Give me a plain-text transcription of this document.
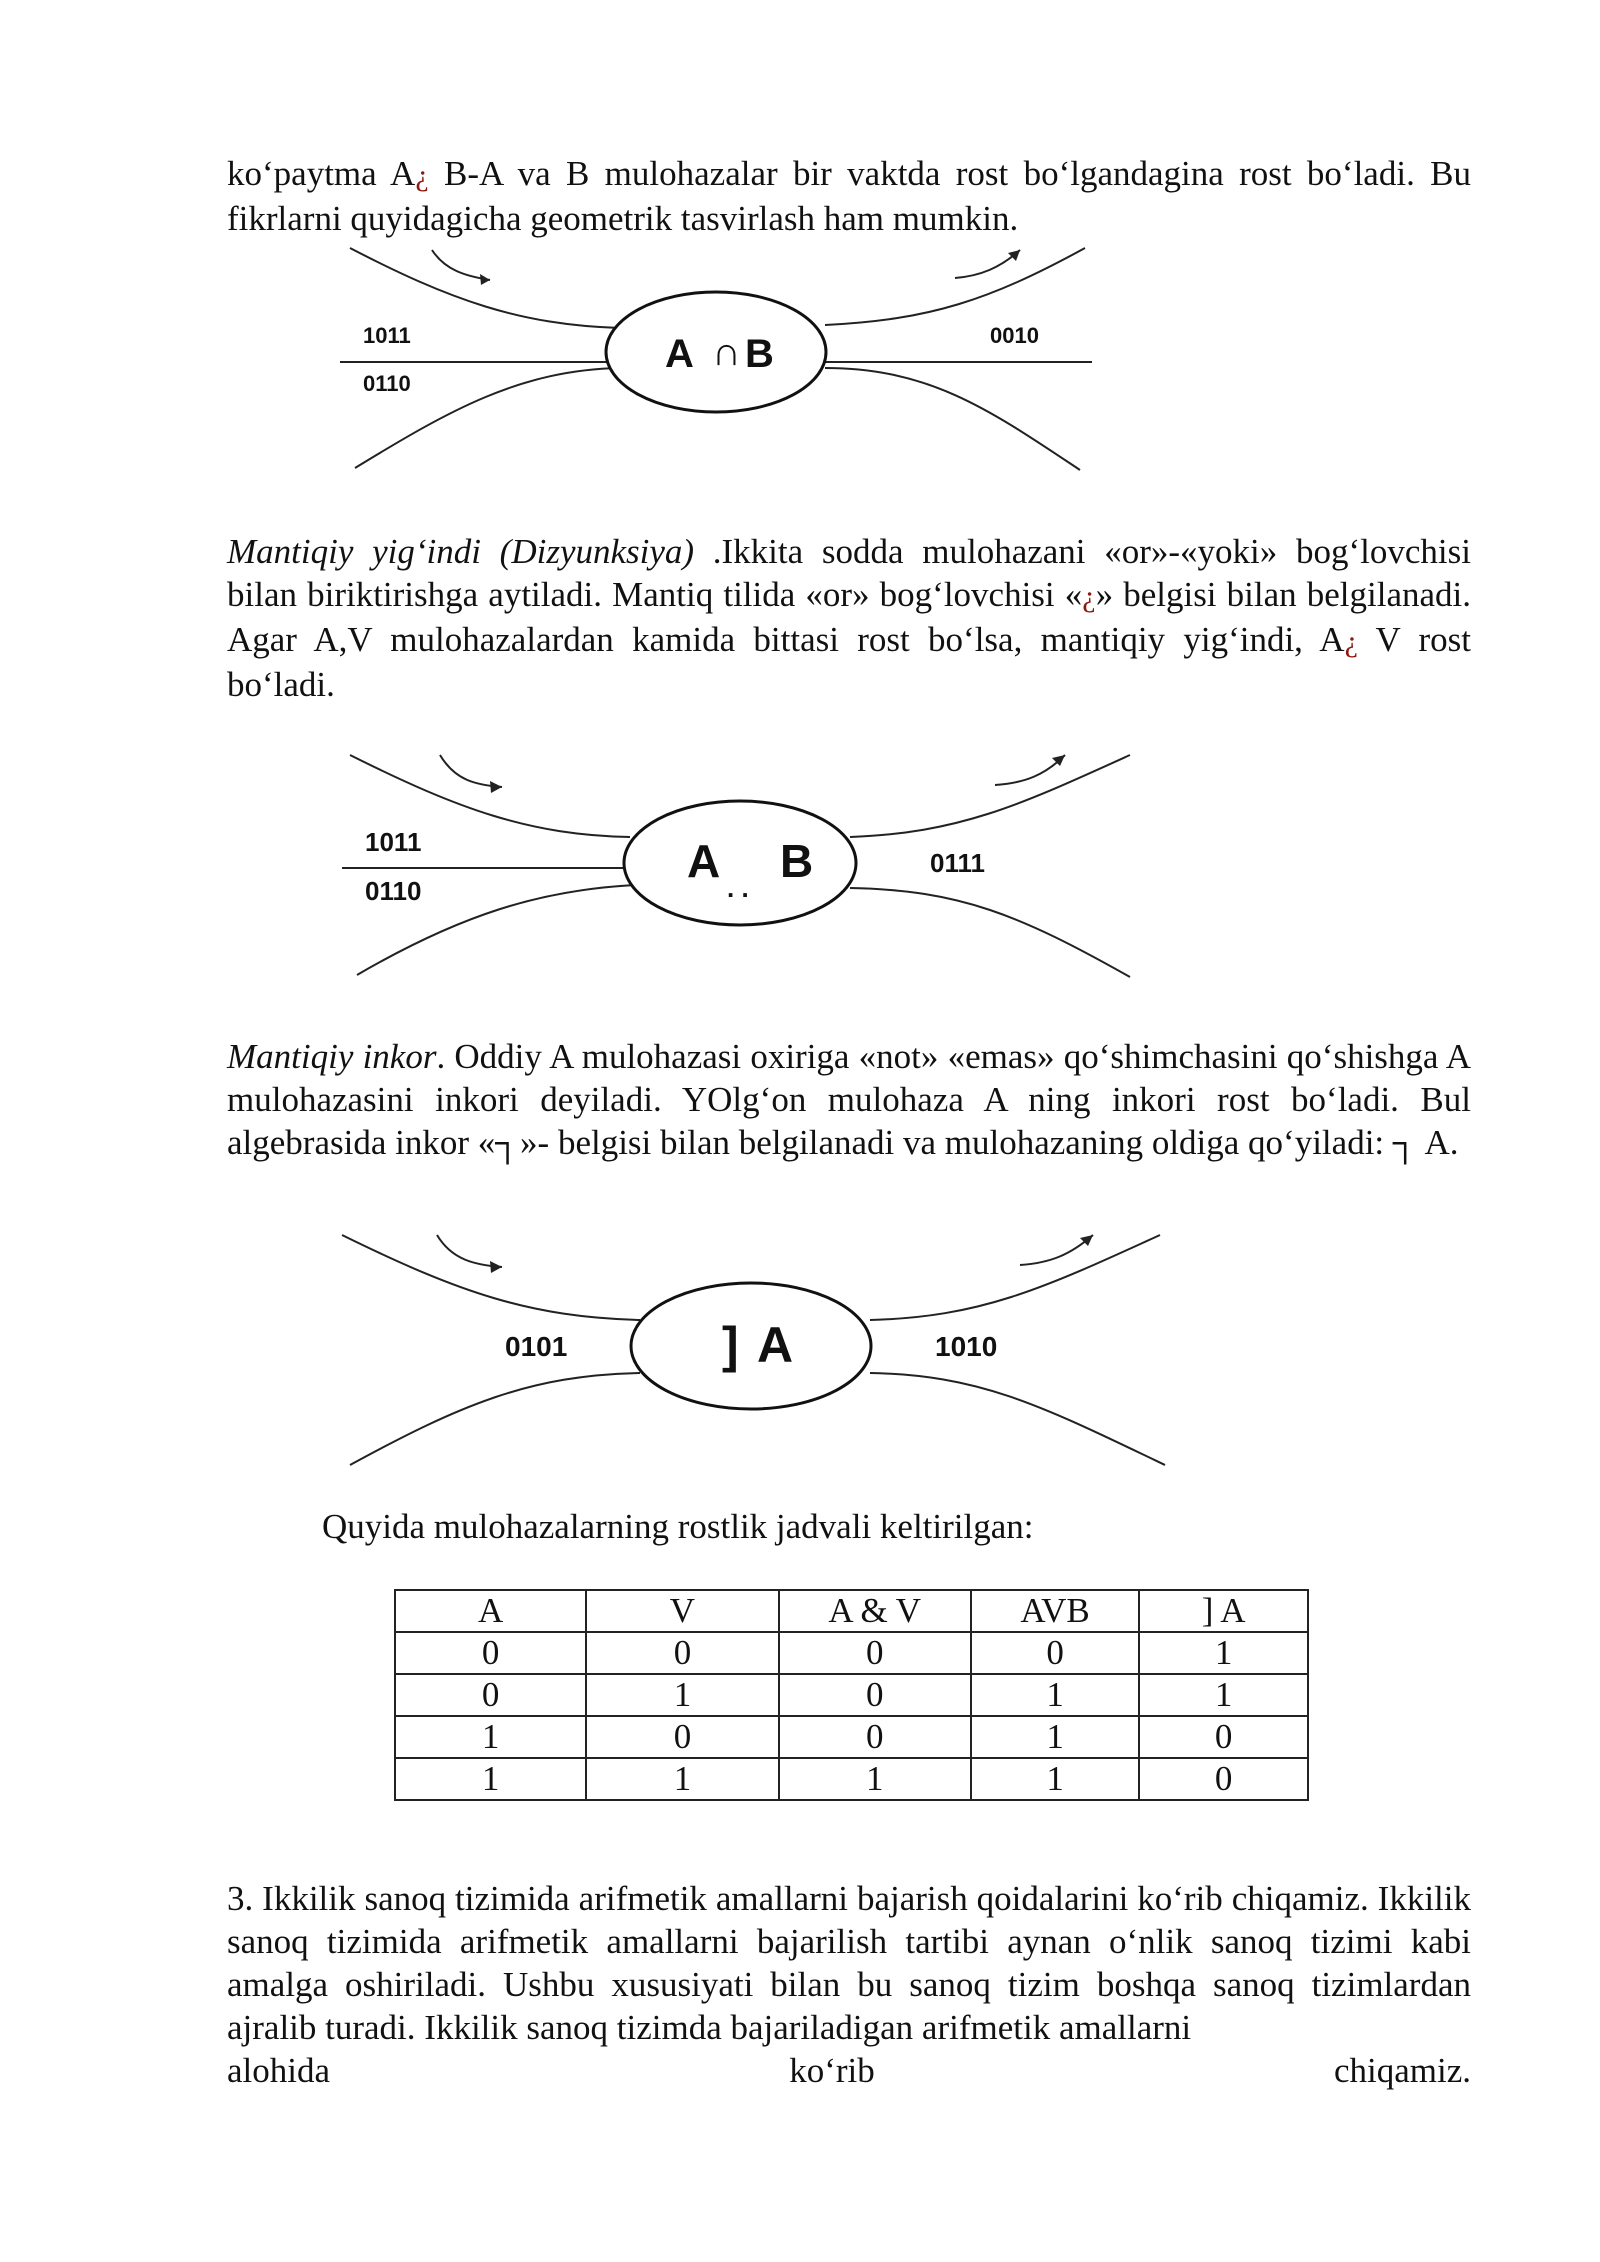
ko‘paytma A¿ B-A va B mulohazalar bir vaktda rost bo‘lgandagina rost bo‘ladi. Bu fikrlarni quyidagicha geometrik tasvirlash ham mumkin.

1011
0110
A ∩ B	0010

Mantiqiy yig‘indi (Dizyunksiya) .Ikkita sodda mulohazani «or»-«yoki» bog‘lovchisi bilan biriktirishga aytiladi. Mantiq tilida «or» bog‘lovchisi «¿» belgisi bilan belgilanadi. Agar A,V mulohazalardan kamida bittasi rost bo‘lsa, mantiqiy yig‘indi, A¿ V rost bo‘ladi.

1011
0110
A
. .
B	0111

Mantiqiy inkor. Oddiy A mulohazasi oxiriga «not» «emas» qo‘shimchasini qo‘shishga A mulohazasini inkori deyiladi. YOlg‘on mulohaza A ning inkori rost bo‘ladi. Bul algebrasida inkor «┐»- belgisi bilan belgilanadi va mulohazaning oldiga qo‘yiladi: ┐ A.

0101	] A	1010

Quyida mulohazalarning rostlik jadvali keltirilgan:

A	V	A & V	AVB	] A
0	0	0	0	1
0	1	0	1	1
1	0	0	1	0
1	1	1	1	0

3. Ikkilik sanoq tizimida arifmetik amallarni bajarish qoidalarini ko‘rib chiqamiz. Ikkilik sanoq tizimida arifmetik amallarni bajarilish tartibi aynan o‘nlik sanoq tizimi kabi amalga oshiriladi. Ushbu xususiyati bilan bu sanoq tizim boshqa sanoq tizimlardan ajralib turadi. Ikkilik sanoq tizimda bajariladigan arifmetik amallarni

alohida ko‘rib chiqamiz.
